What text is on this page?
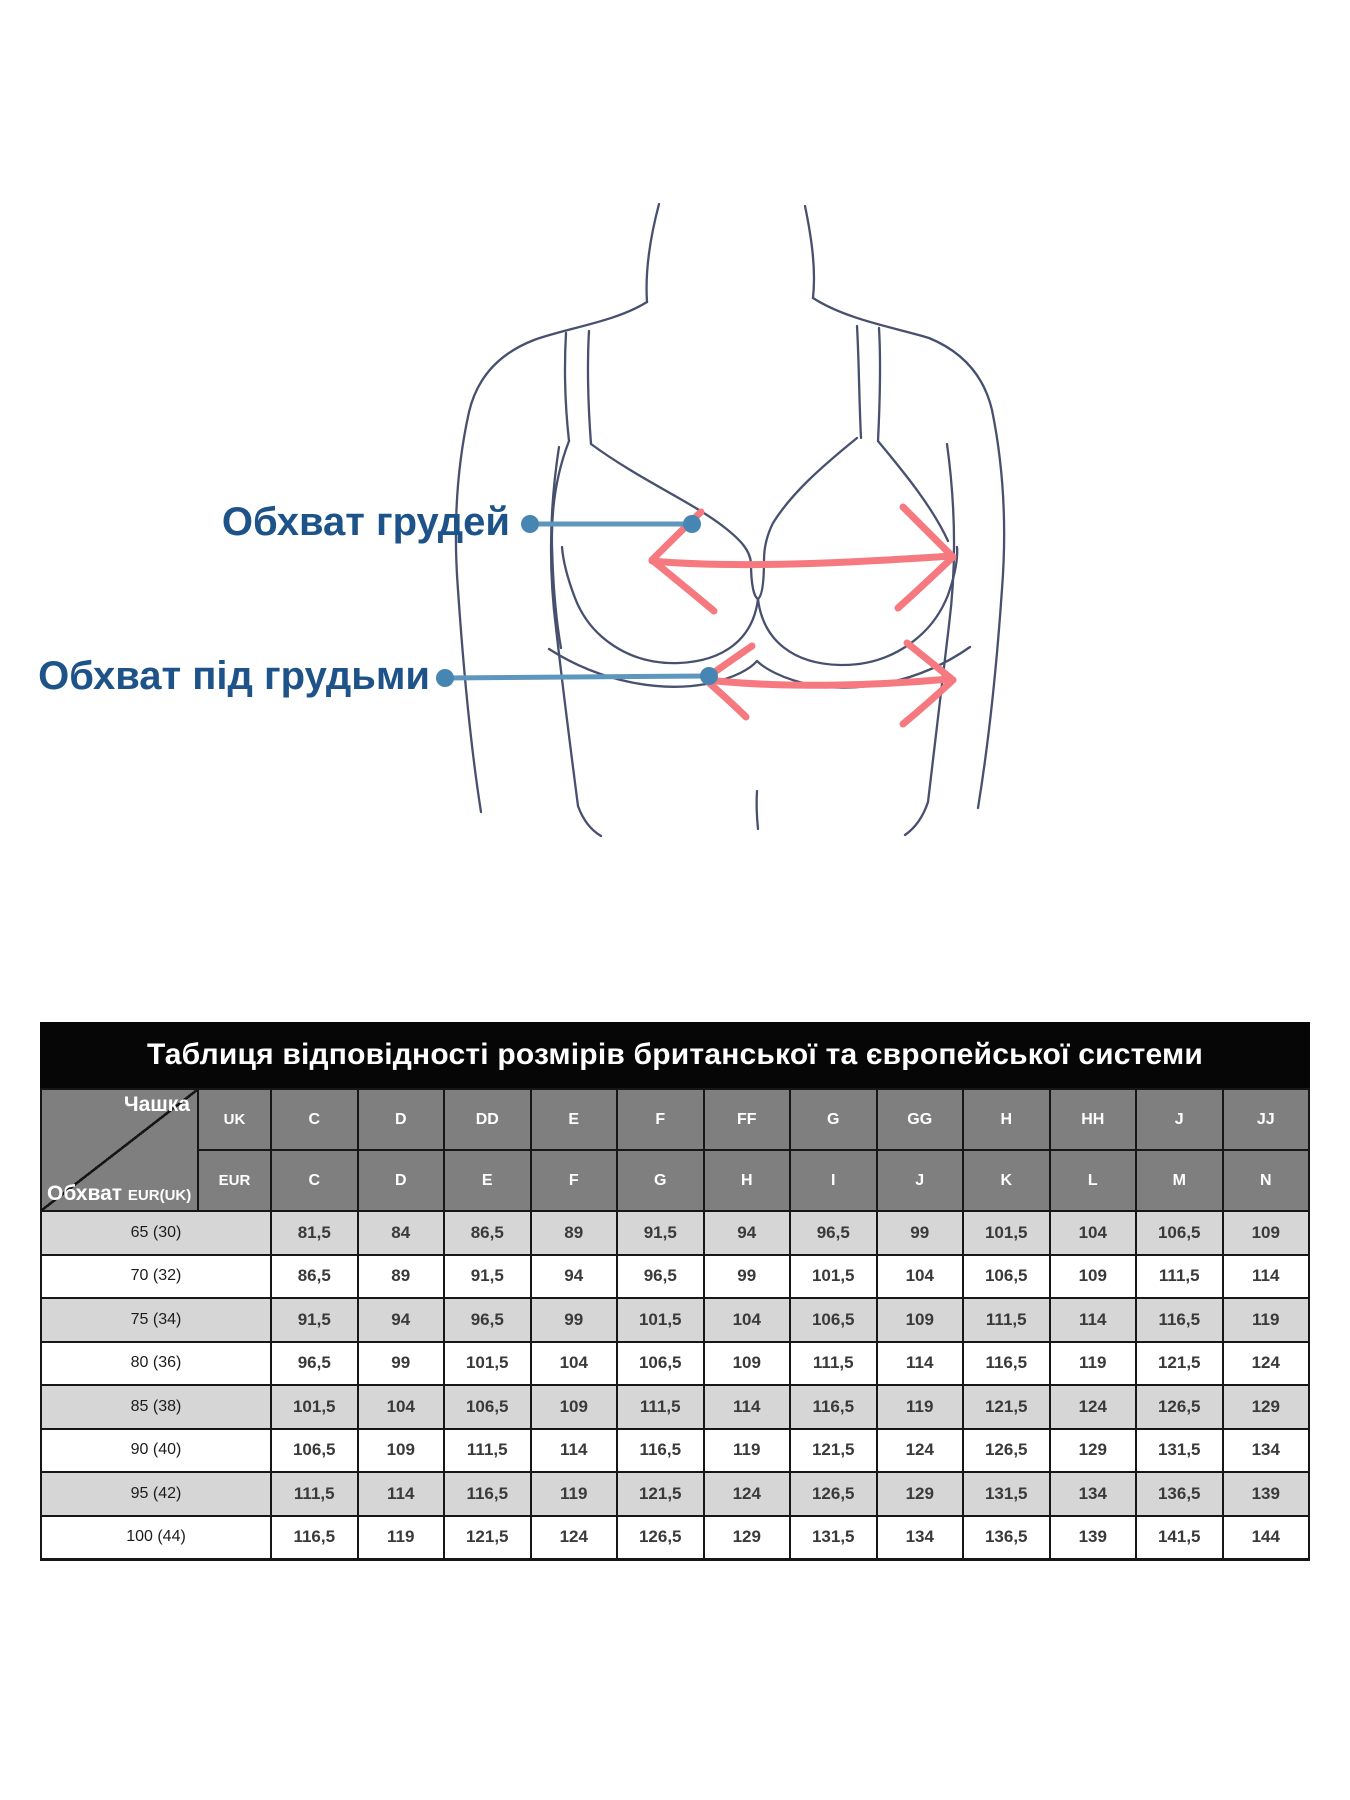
Обхват грудей
Обхват під грудьми
Таблиця відповідності розмірів британської та європейської системи
Чашка
Обхват EUR(UK)
UK	C	D	DD	E	F	FF	G	GG	H	HH	J	JJ
EUR	C	D	E	F	G	H	I	J	K	L	M	N
65 (30)	81,5	84	86,5	89	91,5	94	96,5	99	101,5	104	106,5	109
70 (32)	86,5	89	91,5	94	96,5	99	101,5	104	106,5	109	111,5	114
75 (34)	91,5	94	96,5	99	101,5	104	106,5	109	111,5	114	116,5	119
80 (36)	96,5	99	101,5	104	106,5	109	111,5	114	116,5	119	121,5	124
85 (38)	101,5	104	106,5	109	111,5	114	116,5	119	121,5	124	126,5	129
90 (40)	106,5	109	111,5	114	116,5	119	121,5	124	126,5	129	131,5	134
95 (42)	111,5	114	116,5	119	121,5	124	126,5	129	131,5	134	136,5	139
100 (44)	116,5	119	121,5	124	126,5	129	131,5	134	136,5	139	141,5	144
